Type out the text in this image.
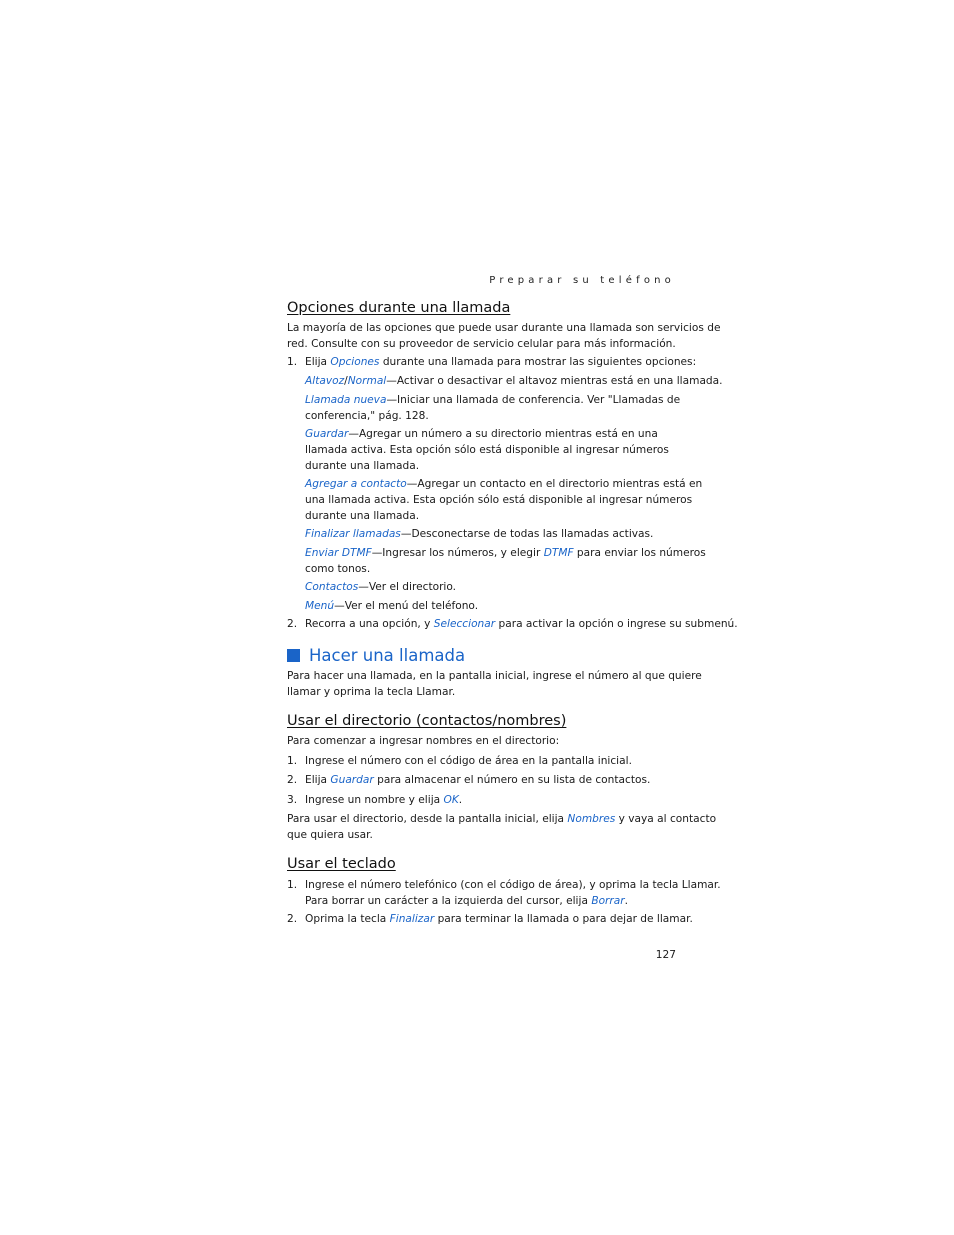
Preparar su teléfono
Opciones durante una llamada
La mayoría de las opciones que puede usar durante una llamada son servicios de
red. Consulte con su proveedor de servicio celular para más información.
1. Elija Opciones durante una llamada para mostrar las siguientes opciones:
Altavoz/Normal—Activar o desactivar el altavoz mientras está en una llamada.
Llamada nueva—Iniciar una llamada de conferencia. Ver "Llamadas de
conferencia," pág. 128.
Guardar—Agregar un número a su directorio mientras está en una
llamada activa. Esta opción sólo está disponible al ingresar números
durante una llamada.
Agregar a contacto—Agregar un contacto en el directorio mientras está en
una llamada activa. Esta opción sólo está disponible al ingresar números
durante una llamada.
Finalizar llamadas—Desconectarse de todas las llamadas activas.
Enviar DTMF—Ingresar los números, y elegir DTMF para enviar los números
como tonos.
Contactos—Ver el directorio.
Menú—Ver el menú del teléfono.
2. Recorra a una opción, y Seleccionar para activar la opción o ingrese su submenú.
Hacer una llamada
Para hacer una llamada, en la pantalla inicial, ingrese el número al que quiere
llamar y oprima la tecla Llamar.
Usar el directorio (contactos/nombres)
Para comenzar a ingresar nombres en el directorio:
1. Ingrese el número con el código de área en la pantalla inicial.
2. Elija Guardar para almacenar el número en su lista de contactos.
3. Ingrese un nombre y elija OK.
Para usar el directorio, desde la pantalla inicial, elija Nombres y vaya al contacto
que quiera usar.
Usar el teclado
1. Ingrese el número telefónico (con el código de área), y oprima la tecla Llamar.
Para borrar un carácter a la izquierda del cursor, elija Borrar.
2. Oprima la tecla Finalizar para terminar la llamada o para dejar de llamar.
127
